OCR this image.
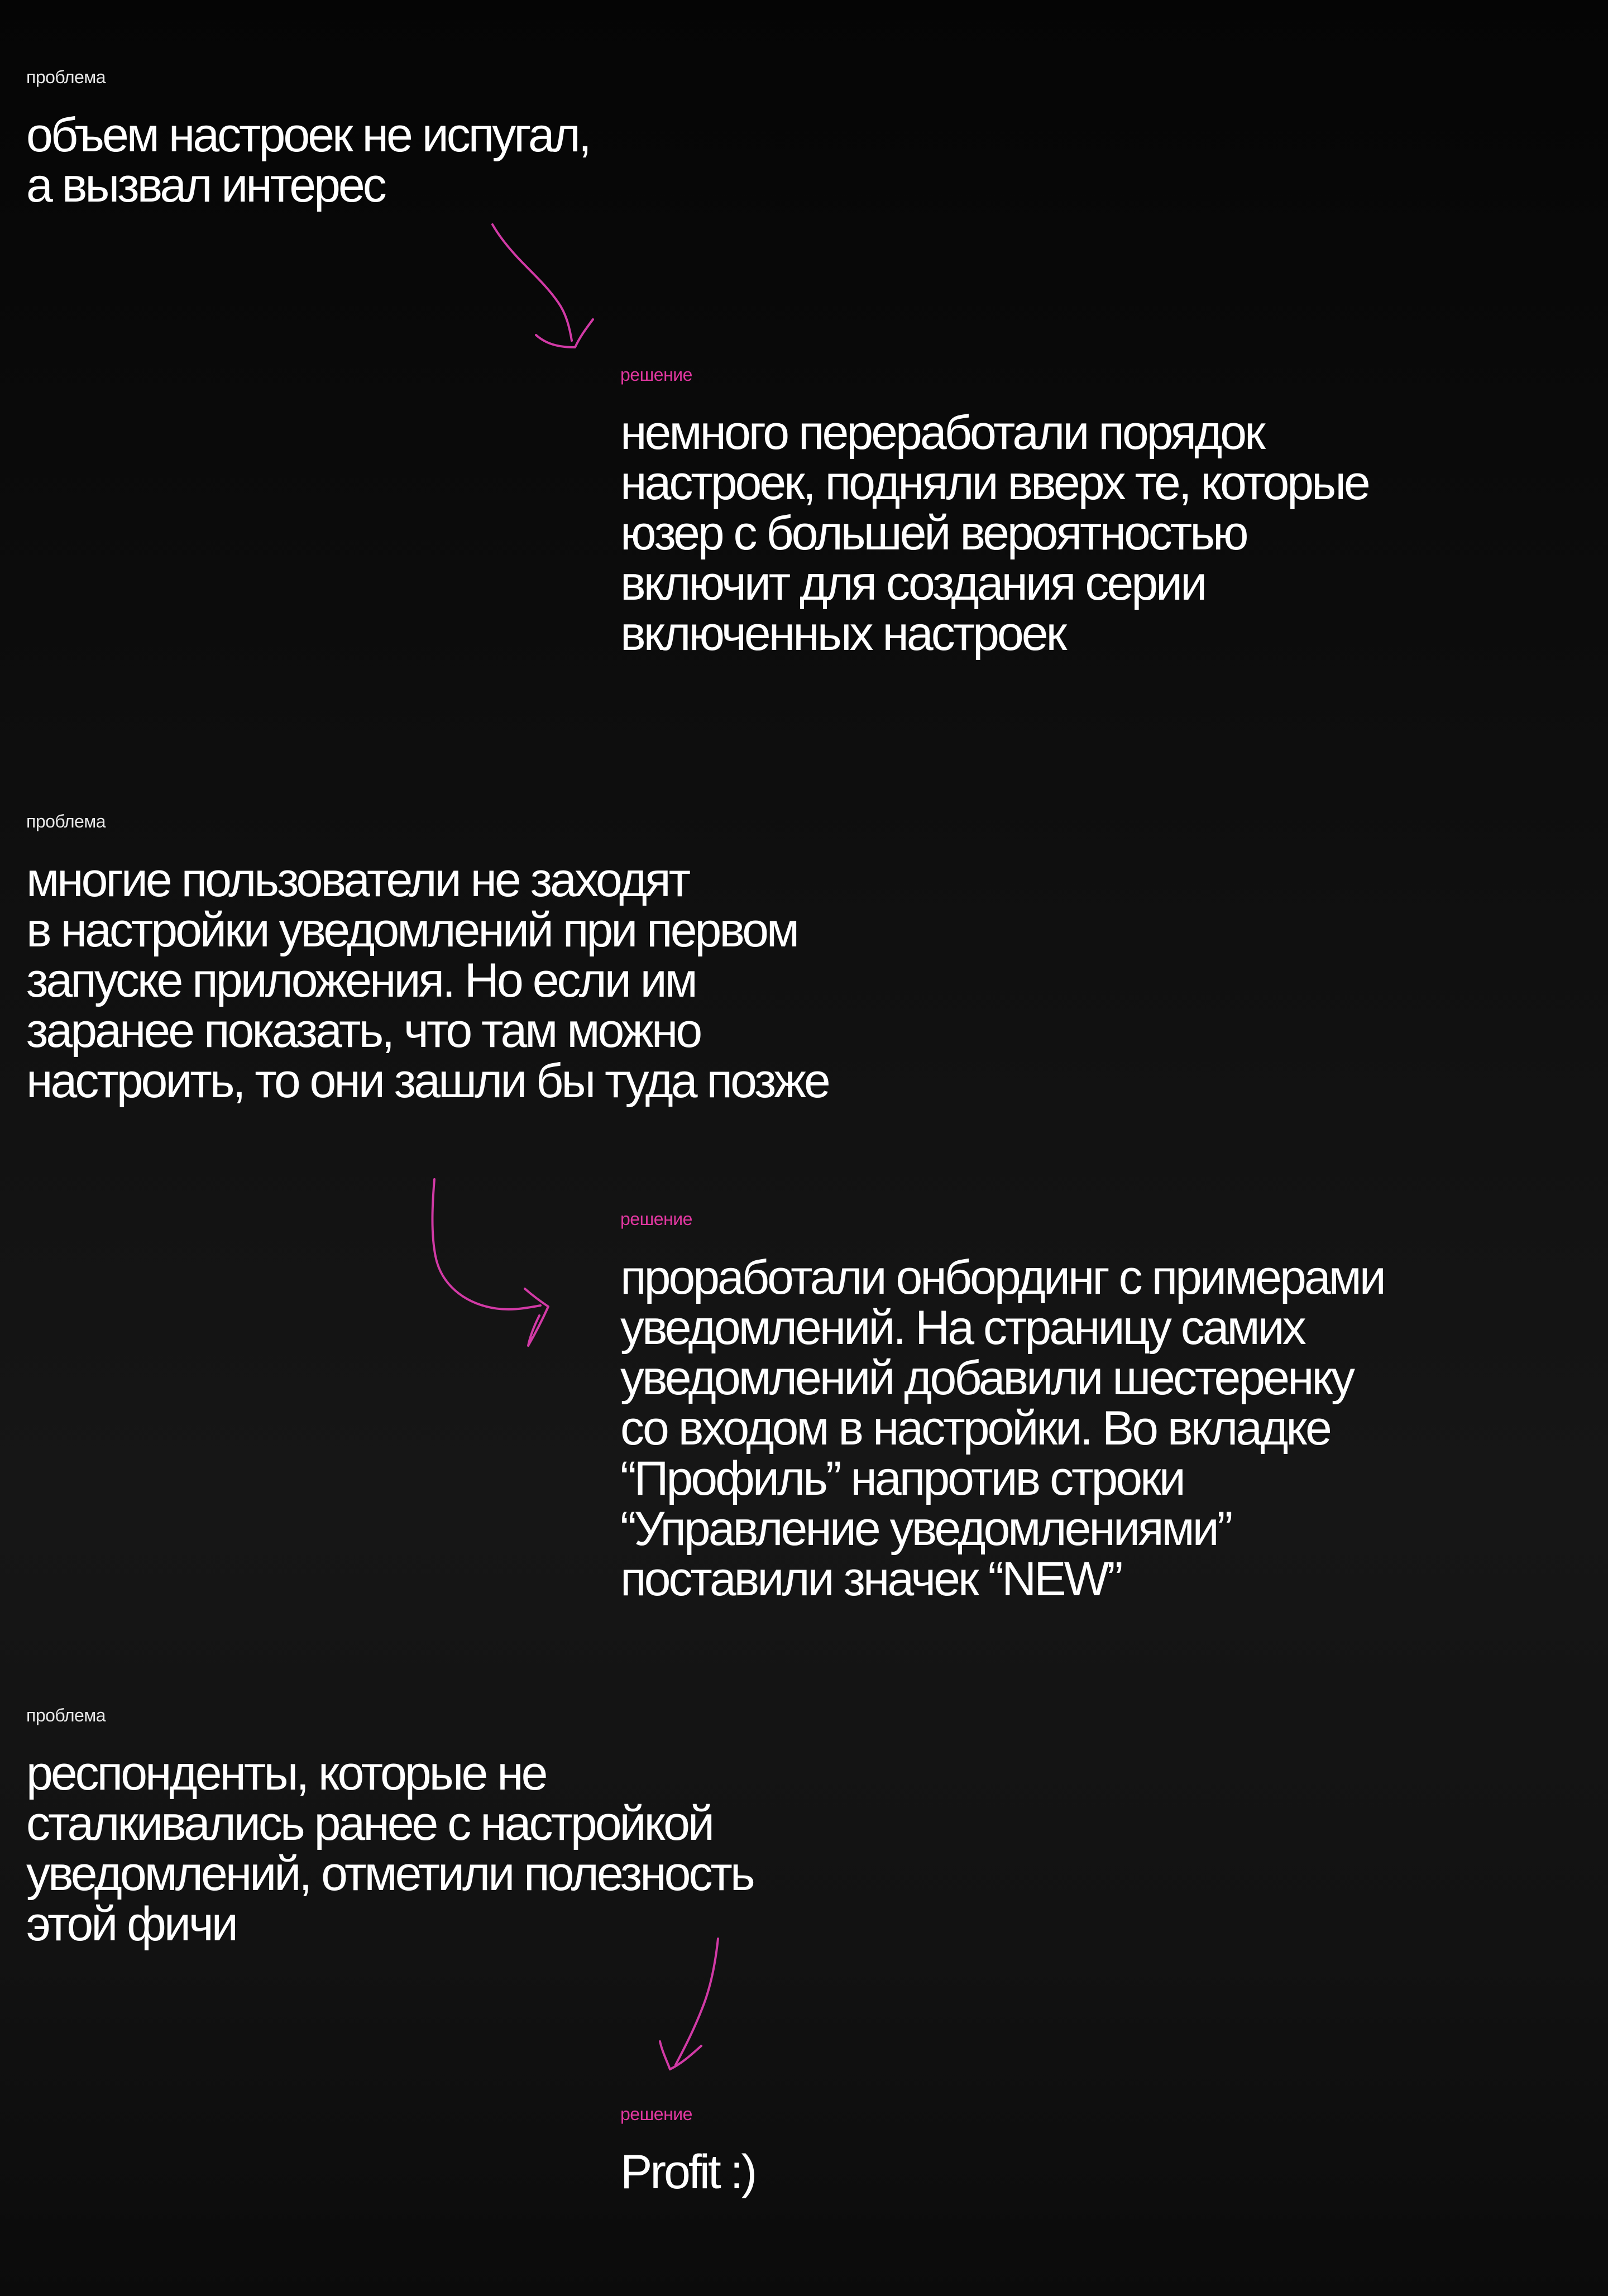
проблема

объем настроек не испугал,
а вызвал интерес

решение

немного переработали порядок
настроек, подняли вверх те, которые
юзер с большей вероятностью
включит для создания серии
включенных настроек

проблема

многие пользователи не заходят
в настройки уведомлений при первом
запуске приложения. Но если им
заранее показать, что там можно
настроить, то они зашли бы туда позже

решение

проработали онбординг с примерами
уведомлений. На страницу самих
уведомлений добавили шестеренку
со входом в настройки. Во вкладке
“Профиль” напротив строки
“Управление уведомлениями”
поставили значек “NEW”

проблема

респонденты, которые не
сталкивались ранее с настройкой
уведомлений, отметили полезность
этой фичи

решение

Profit :)
